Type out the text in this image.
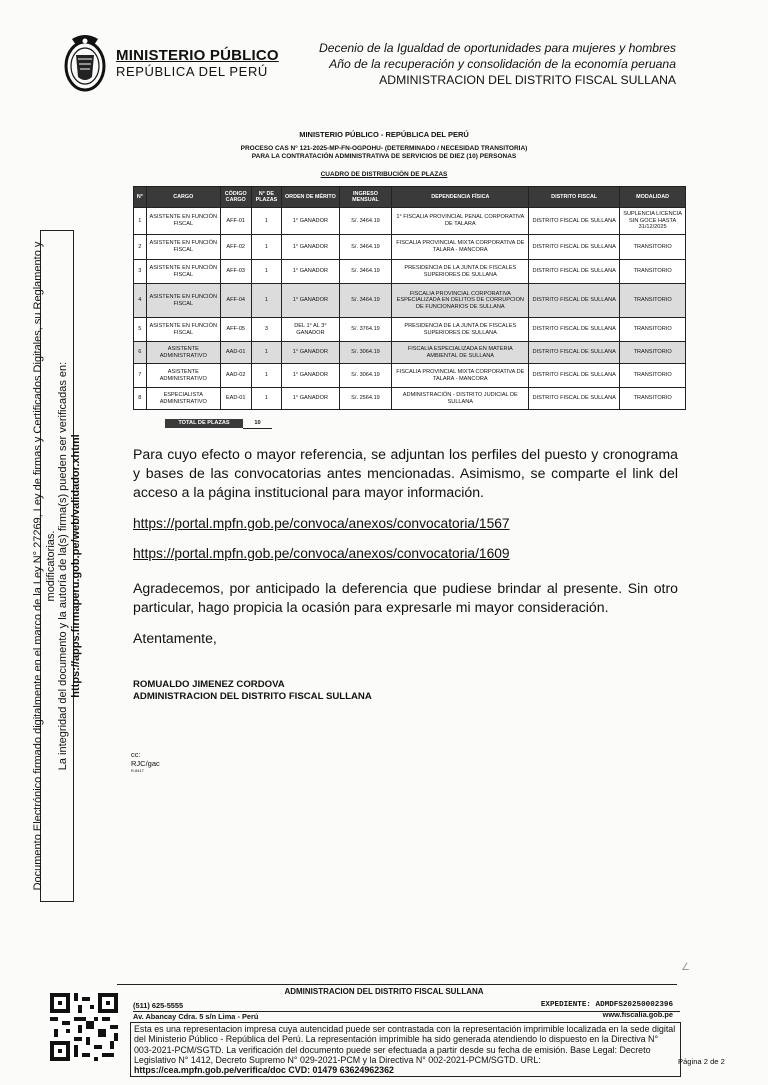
MINISTERIO PÚBLICO
REPÚBLICA DEL PERÚ
Decenio de la Igualdad de oportunidades para mujeres y hombres
Año de la recuperación y consolidación de la economía peruana
ADMINISTRACION DEL DISTRITO FISCAL SULLANA
Documento Electrónico firmado digitalmente en el marco de la Ley N° 27269, Ley de firmas y Certificados Digitales, su Reglamento y modificatorias. La integridad del documento y la autoría de la(s) firma(s) pueden ser verificadas en: https://apps.firmaperu.gob.pe/web/validador.xhtml
MINISTERIO PÚBLICO - REPÚBLICA DEL PERÚ
PROCESO CAS N° 121-2025-MP-FN-OGPOHU- (DETERMINADO / NECESIDAD TRANSITORIA)
PARA LA CONTRATACIÓN ADMINISTRATIVA DE SERVICIOS DE DIEZ (10) PERSONAS
CUADRO DE DISTRIBUCIÓN DE PLAZAS
N°	CARGO	CÓDIGO CARGO	N° DE PLAZAS	ORDEN DE MÉRITO	INGRESO MENSUAL	DEPENDENCIA FÍSICA	DISTRITO FISCAL	MODALIDAD
1	ASISTENTE EN FUNCIÓN FISCAL	AFF-01	1	1° GANADOR	S/. 3464.19	1° FISCALIA PROVINCIAL PENAL CORPORATIVA DE TALARA	DISTRITO FISCAL DE SULLANA	SUPLENCIA LICENCIA SIN GOCE HASTA 31/12/2025
2	ASISTENTE EN FUNCIÓN FISCAL	AFF-02	1	1° GANADOR	S/. 3464.19	FISCALIA PROVINCIAL MIXTA CORPORATIVA DE TALARA - MANCORA	DISTRITO FISCAL DE SULLANA	TRANSITORIO
3	ASISTENTE EN FUNCIÓN FISCAL	AFF-03	1	1° GANADOR	S/. 3464.19	PRESIDENCIA DE LA JUNTA DE FISCALES SUPERIORES DE SULLANA	DISTRITO FISCAL DE SULLANA	TRANSITORIO
4	ASISTENTE EN FUNCIÓN FISCAL	AFF-04	1	1° GANADOR	S/. 3464.19	FISCALIA PROVINCIAL CORPORATIVA ESPECIALIZADA EN DELITOS DE CORRUPCION DE FUNCIONARIOS DE SULLANA	DISTRITO FISCAL DE SULLANA	TRANSITORIO
5	ASISTENTE EN FUNCIÓN FISCAL	AFF-05	3	DEL 1° AL 3° GANADOR	S/. 3764.19	PRESIDENCIA DE LA JUNTA DE FISCALES SUPERIORES DE SULLANA	DISTRITO FISCAL DE SULLANA	TRANSITORIO
6	ASISTENTE ADMINISTRATIVO	AAD-01	1	1° GANADOR	S/. 3064.19	FISCALIA ESPECIALIZADA EN MATERIA AMBIENTAL DE SULLANA	DISTRITO FISCAL DE SULLANA	TRANSITORIO
7	ASISTENTE ADMINISTRATIVO	AAD-02	1	1° GANADOR	S/. 3064.19	FISCALIA PROVINCIAL MIXTA CORPORATIVA DE TALARA - MANCORA	DISTRITO FISCAL DE SULLANA	TRANSITORIO
8	ESPECIALISTA ADMINISTRATIVO	EAD-01	1	1° GANADOR	S/. 2564.19	ADMINISTRACIÓN - DISTRITO JUDICIAL DE SULLANA	DISTRITO FISCAL DE SULLANA	TRANSITORIO
TOTAL DE PLAZAS	10
Para cuyo efecto o mayor referencia, se adjuntan los perfiles del puesto y cronograma y bases de las convocatorias antes mencionadas. Asimismo, se comparte el link del acceso a la página institucional para mayor información.
https://portal.mpfn.gob.pe/convoca/anexos/convocatoria/1567
https://portal.mpfn.gob.pe/convoca/anexos/convocatoria/1609
Agradecemos, por anticipado la deferencia que pudiese brindar al presente. Sin otro particular, hago propicia la ocasión para expresarle mi mayor consideración.
Atentamente,
ROMUALDO JIMENEZ CORDOVA
ADMINISTRACION DEL DISTRITO FISCAL SULLANA
cc:
RJC/gac
R.8417
∠
ADMINISTRACION DEL DISTRITO FISCAL SULLANA
(511) 625-5555
Av. Abancay Cdra. 5 s/n Lima - Perú
EXPEDIENTE: ADMDFS20250002396
www.fiscalia.gob.pe
Esta es una representacion impresa cuya autencidad puede ser contrastada con la representación imprimible localizada en la sede digital del Ministerio Público - República del Perú. La representación imprimible ha sido generada atendiendo lo dispuesto en la Directiva N° 003-2021-PCM/SGTD. La verificación del documento puede ser efectuada a partir desde su fecha de emisión. Base Legal: Decreto Legislativo N° 1412, Decreto Supremo N° 029-2021-PCM y la Directiva N° 002-2021-PCM/SGTD. URL: https://cea.mpfn.gob.pe/verifica/doc CVD: 01479 63624962362
Página 2 de 2
